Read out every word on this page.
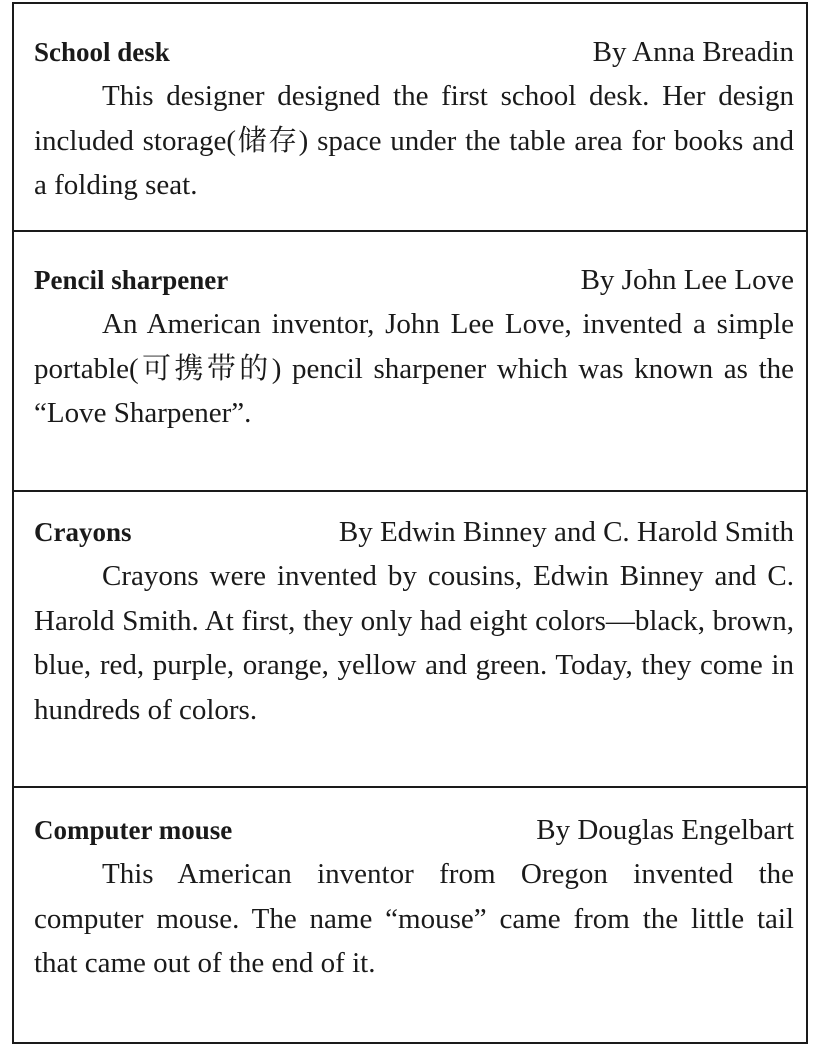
School desk	By Anna Breadin

This designer designed the first school desk. Her design included storage(储存) space under the table area for books and a folding seat.

Pencil sharpener	By John Lee Love

An American inventor, John Lee Love, invented a simple portable(可携带的) pencil sharpener which was known as the “Love Sharpener”.

Crayons	By Edwin Binney and C. Harold Smith

Crayons were invented by cousins, Edwin Binney and C. Harold Smith. At first, they only had eight colors—black, brown, blue, red, purple, orange, yellow and green. Today, they come in hundreds of colors.

Computer mouse	By Douglas Engelbart

This American inventor from Oregon invented the computer mouse. The name “mouse” came from the little tail that came out of the end of it.
